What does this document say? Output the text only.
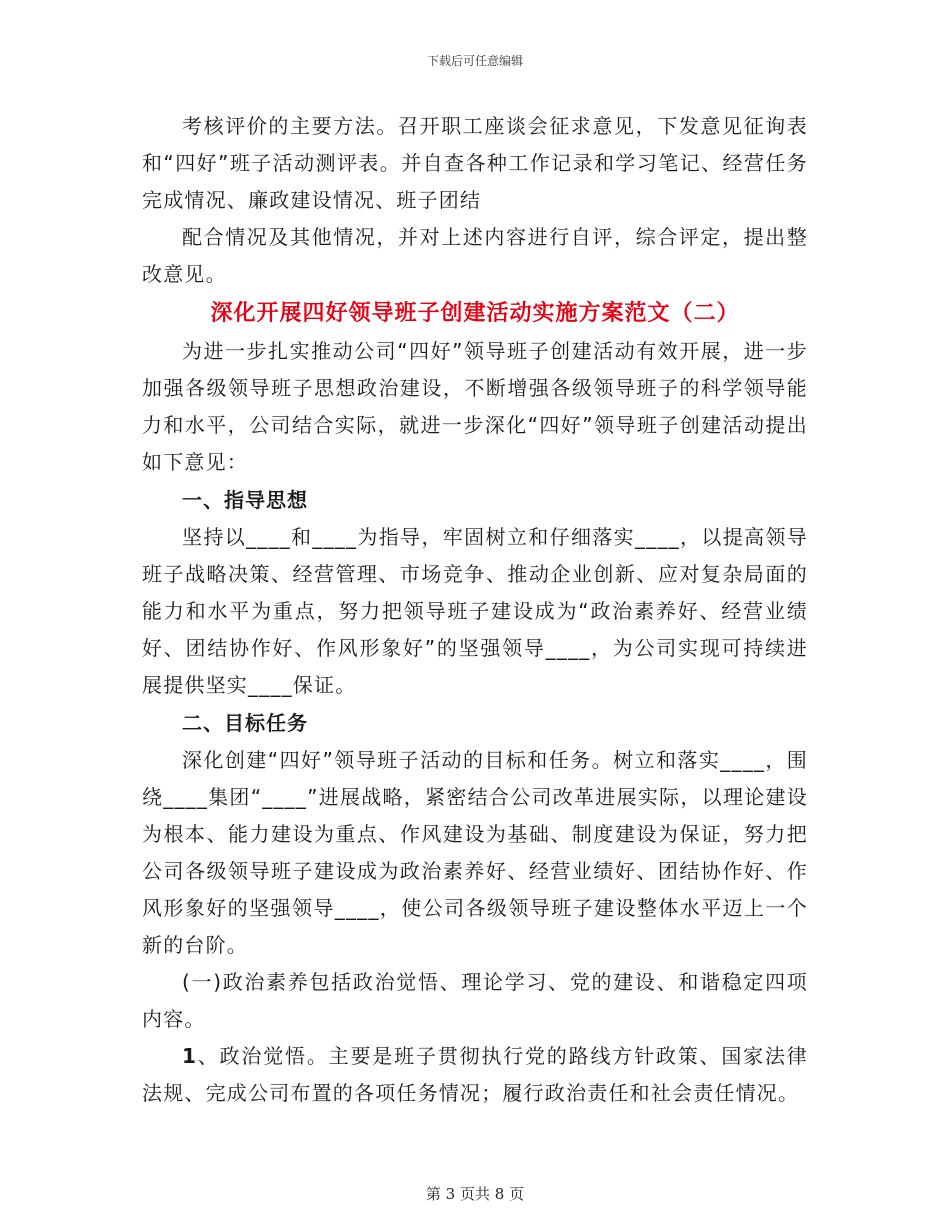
下载后可任意编辑

考核评价的主要方法。召开职工座谈会征求意见，下发意见征询表和“四好”班子活动测评表。并自查各种工作记录和学习笔记、经营任务完成情况、廉政建设情况、班子团结

配合情况及其他情况，并对上述内容进行自评，综合评定，提出整改意见。

深化开展四好领导班子创建活动实施方案范文（二）

为进一步扎实推动公司“四好”领导班子创建活动有效开展，进一步加强各级领导班子思想政治建设，不断增强各级领导班子的科学领导能力和水平，公司结合实际，就进一步深化“四好”领导班子创建活动提出如下意见：

一、指导思想

坚持以____和____为指导，牢固树立和仔细落实____，以提高领导班子战略决策、经营管理、市场竞争、推动企业创新、应对复杂局面的能力和水平为重点，努力把领导班子建设成为“政治素养好、经营业绩好、团结协作好、作风形象好”的坚强领导____，为公司实现可持续进展提供坚实____保证。

二、目标任务

深化创建“四好”领导班子活动的目标和任务。树立和落实____，围绕____集团“____”进展战略，紧密结合公司改革进展实际，以理论建设为根本、能力建设为重点、作风建设为基础、制度建设为保证，努力把公司各级领导班子建设成为政治素养好、经营业绩好、团结协作好、作风形象好的坚强领导____，使公司各级领导班子建设整体水平迈上一个新的台阶。

(一)政治素养包括政治觉悟、理论学习、党的建设、和谐稳定四项内容。

1、政治觉悟。主要是班子贯彻执行党的路线方针政策、国家法律法规、完成公司布置的各项任务情况；履行政治责任和社会责任情况。

第 3 页共 8 页
